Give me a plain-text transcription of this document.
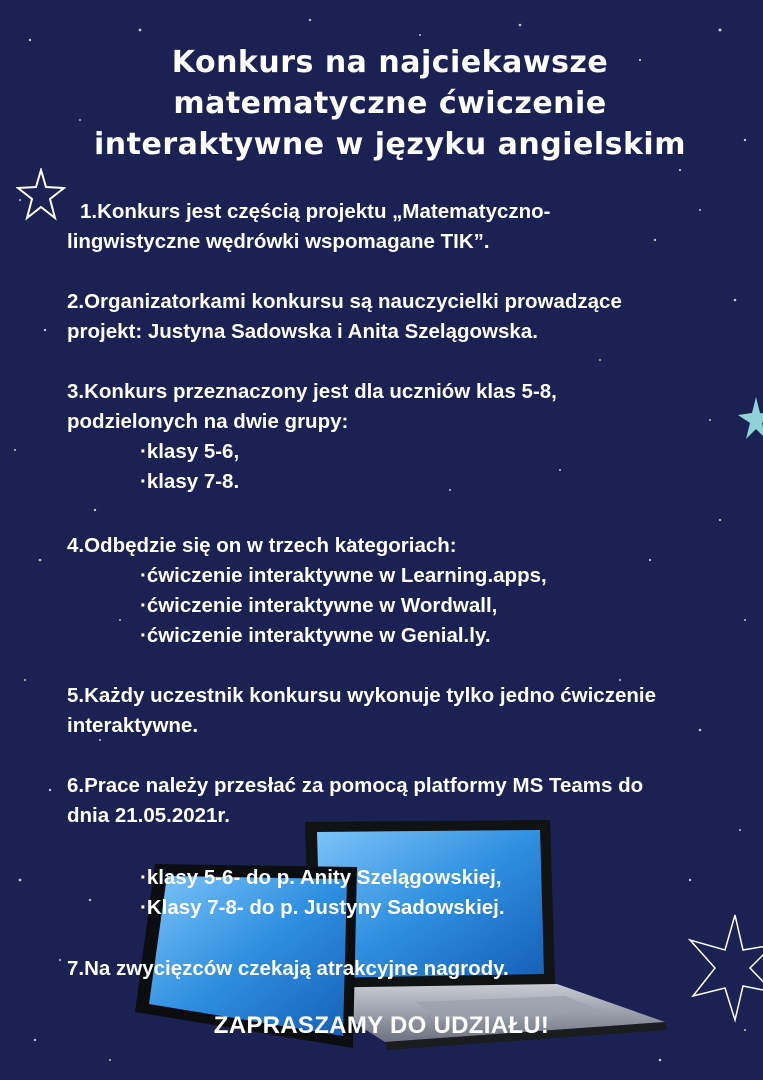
Konkurs na najciekawsze
matematyczne ćwiczenie
interaktywne w języku angielskim
1.Konkurs jest częścią projektu „Matematyczno-
lingwistyczne wędrówki wspomagane TIK”.
2.Organizatorkami konkursu są nauczycielki prowadzące
projekt: Justyna Sadowska i Anita Szelągowska.
3.Konkurs przeznaczony jest dla uczniów klas 5-8,
podzielonych na dwie grupy:
·klasy 5-6,
·klasy 7-8.
4.Odbędzie się on w trzech kategoriach:
·ćwiczenie interaktywne w Learning.apps,
·ćwiczenie interaktywne w Wordwall,
·ćwiczenie interaktywne w Genial.ly.
5.Każdy uczestnik konkursu wykonuje tylko jedno ćwiczenie
interaktywne.
6.Prace należy przesłać za pomocą platformy MS Teams do
dnia 21.05.2021r.
·klasy 5-6- do p. Anity Szelągowskiej,
·Klasy 7-8- do p. Justyny Sadowskiej.
7.Na zwycięzców czekają atrakcyjne nagrody.
ZAPRASZAMY DO UDZIAŁU!
